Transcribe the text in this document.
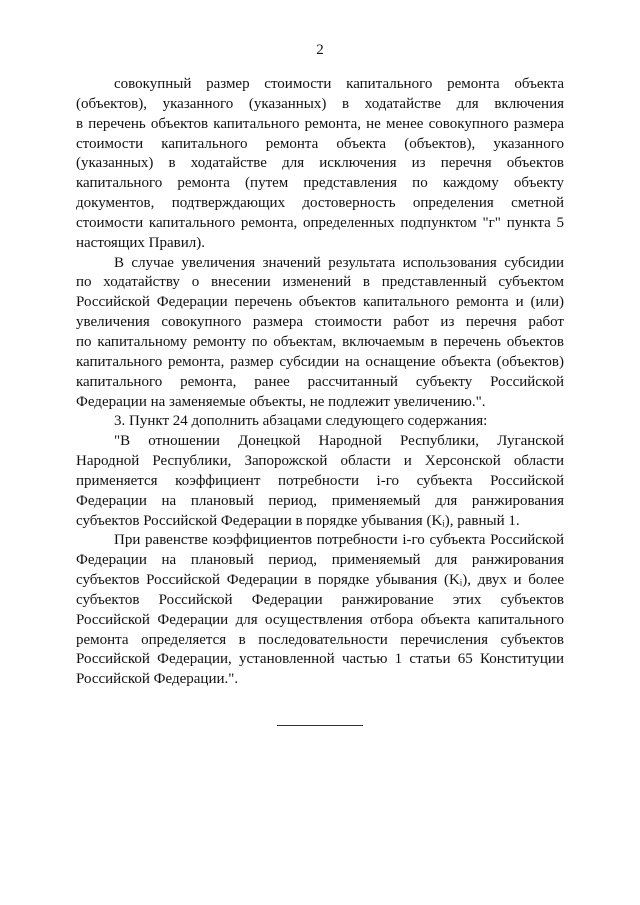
2
совокупный размер стоимости капитального ремонта объекта
(объектов), указанного (указанных) в ходатайстве для включения
в перечень объектов капитального ремонта, не менее совокупного размера
стоимости капитального ремонта объекта (объектов), указанного
(указанных) в ходатайстве для исключения из перечня объектов
капитального ремонта (путем представления по каждому объекту
документов, подтверждающих достоверность определения сметной
стоимости капитального ремонта, определенных подпунктом "г" пункта 5
настоящих Правил).
В случае увеличения значений результата использования субсидии
по ходатайству о внесении изменений в представленный субъектом
Российской Федерации перечень объектов капитального ремонта и (или)
увеличения совокупного размера стоимости работ из перечня работ
по капитальному ремонту по объектам, включаемым в перечень объектов
капитального ремонта, размер субсидии на оснащение объекта (объектов)
капитального ремонта, ранее рассчитанный субъекту Российской
Федерации на заменяемые объекты, не подлежит увеличению.".
3. Пункт 24 дополнить абзацами следующего содержания:
"В отношении Донецкой Народной Республики, Луганской
Народной Республики, Запорожской области и Херсонской области
применяется коэффициент потребности i-го субъекта Российской
Федерации на плановый период, применяемый для ранжирования
субъектов Российской Федерации в порядке убывания (Kᵢ), равный 1.
При равенстве коэффициентов потребности i-го субъекта Российской
Федерации на плановый период, применяемый для ранжирования
субъектов Российской Федерации в порядке убывания (Kᵢ), двух и более
субъектов Российской Федерации ранжирование этих субъектов
Российской Федерации для осуществления отбора объекта капитального
ремонта определяется в последовательности перечисления субъектов
Российской Федерации, установленной частью 1 статьи 65 Конституции
Российской Федерации.".
